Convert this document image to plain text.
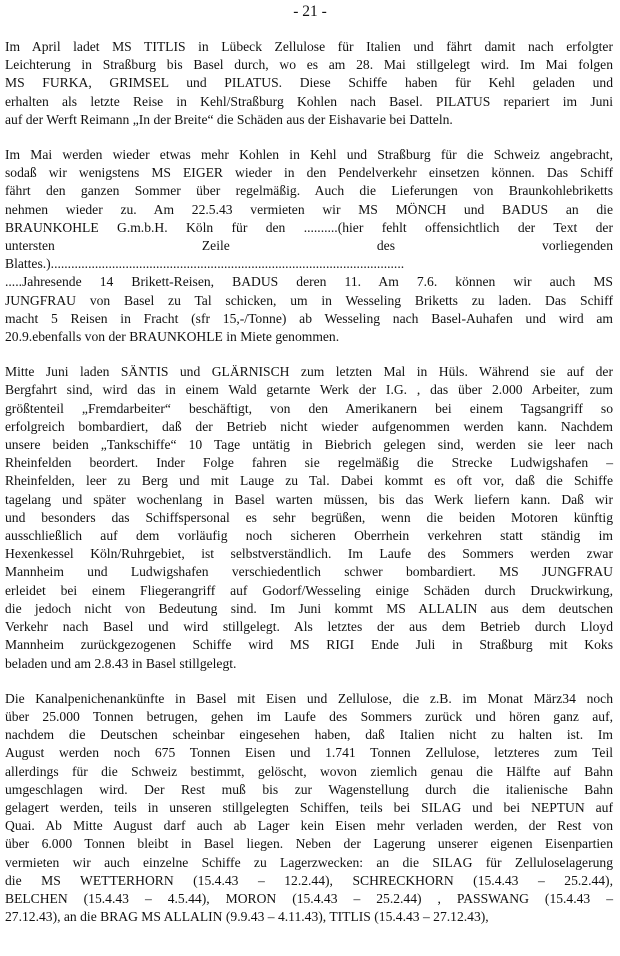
- 21 -

Im April ladet MS TITLIS in Lübeck Zellulose für Italien und fährt damit nach erfolgter
Leichterung in Straßburg bis Basel durch, wo es am 28. Mai stillgelegt wird. Im Mai folgen
MS FURKA, GRIMSEL und PILATUS. Diese Schiffe haben für Kehl geladen und
erhalten als letzte Reise in Kehl/Straßburg Kohlen nach Basel. PILATUS repariert im Juni
auf der Werft Reimann „In der Breite“ die Schäden aus der Eishavarie bei Datteln.

Im Mai werden wieder etwas mehr Kohlen in Kehl und Straßburg für die Schweiz angebracht,
sodaß wir wenigstens MS EIGER wieder in den Pendelverkehr einsetzen können. Das Schiff
fährt den ganzen Sommer über regelmäßig. Auch die Lieferungen von Braunkohlebriketts
nehmen wieder zu. Am 22.5.43 vermieten wir MS MÖNCH und BADUS an die
BRAUNKOHLE G.m.b.H. Köln für den ..........(hier fehlt offensichtlich der Text der
untersten Zeile des vorliegenden
Blattes.)........................................................................................................
.....Jahresende 14 Brikett-Reisen, BADUS deren 11. Am 7.6. können wir auch MS
JUNGFRAU von Basel zu Tal schicken, um in Wesseling Briketts zu laden. Das Schiff
macht 5 Reisen in Fracht (sfr 15,-/Tonne) ab Wesseling nach Basel-Auhafen und wird am
20.9.ebenfalls von der BRAUNKOHLE in Miete genommen.

Mitte Juni laden SÄNTIS und GLÄRNISCH zum letzten Mal in Hüls. Während sie auf der
Bergfahrt sind, wird das in einem Wald getarnte Werk der I.G. , das über 2.000 Arbeiter, zum
größtenteil „Fremdarbeiter“ beschäftigt, von den Amerikanern bei einem Tagsangriff so
erfolgreich bombardiert, daß der Betrieb nicht wieder aufgenommen werden kann. Nachdem
unsere beiden „Tankschiffe“ 10 Tage untätig in Biebrich gelegen sind, werden sie leer nach
Rheinfelden beordert. Inder Folge fahren sie regelmäßig die Strecke Ludwigshafen –
Rheinfelden, leer zu Berg und mit Lauge zu Tal. Dabei kommt es oft vor, daß die Schiffe
tagelang und später wochenlang in Basel warten müssen, bis das Werk liefern kann. Daß wir
und besonders das Schiffspersonal es sehr begrüßen, wenn die beiden Motoren künftig
ausschließlich auf dem vorläufig noch sicheren Oberrhein verkehren statt ständig im
Hexenkessel Köln/Ruhrgebiet, ist selbstverständlich. Im Laufe des Sommers werden zwar
Mannheim und Ludwigshafen verschiedentlich schwer bombardiert. MS JUNGFRAU
erleidet bei einem Fliegerangriff auf Godorf/Wesseling einige Schäden durch Druckwirkung,
die jedoch nicht von Bedeutung sind. Im Juni kommt MS ALLALIN aus dem deutschen
Verkehr nach Basel und wird stillgelegt. Als letztes der aus dem Betrieb durch Lloyd
Mannheim zurückgezogenen Schiffe wird MS RIGI Ende Juli in Straßburg mit Koks
beladen und am 2.8.43 in Basel stillgelegt.

Die Kanalpenichenankünfte in Basel mit Eisen und Zellulose, die z.B. im Monat März34 noch
über 25.000 Tonnen betrugen, gehen im Laufe des Sommers zurück und hören ganz auf,
nachdem die Deutschen scheinbar eingesehen haben, daß Italien nicht zu halten ist. Im
August werden noch 675 Tonnen Eisen und 1.741 Tonnen Zellulose, letzteres zum Teil
allerdings für die Schweiz bestimmt, gelöscht, wovon ziemlich genau die Hälfte auf Bahn
umgeschlagen wird. Der Rest muß bis zur Wagenstellung durch die italienische Bahn
gelagert werden, teils in unseren stillgelegten Schiffen, teils bei SILAG und bei NEPTUN auf
Quai. Ab Mitte August darf auch ab Lager kein Eisen mehr verladen werden, der Rest von
über 6.000 Tonnen bleibt in Basel liegen. Neben der Lagerung unserer eigenen Eisenpartien
vermieten wir auch einzelne Schiffe zu Lagerzwecken: an die SILAG für Zelluloselagerung
die MS WETTERHORN (15.4.43 – 12.2.44), SCHRECKHORN (15.4.43 – 25.2.44),
BELCHEN (15.4.43 – 4.5.44), MORON (15.4.43 – 25.2.44) , PASSWANG (15.4.43 –
27.12.43), an die BRAG MS ALLALIN (9.9.43 – 4.11.43), TITLIS (15.4.43 – 27.12.43),
